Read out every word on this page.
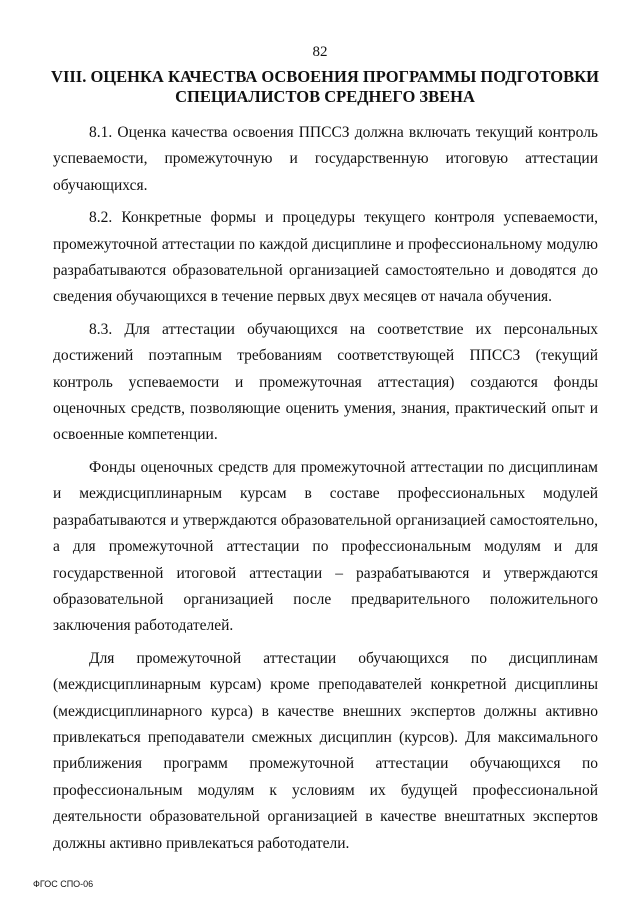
82
VIII. ОЦЕНКА КАЧЕСТВА ОСВОЕНИЯ ПРОГРАММЫ ПОДГОТОВКИ
СПЕЦИАЛИСТОВ СРЕДНЕГО ЗВЕНА

8.1. Оценка качества освоения ППССЗ должна включать текущий контроль успеваемости, промежуточную и государственную итоговую аттестации обучающихся.

8.2. Конкретные формы и процедуры текущего контроля успеваемости, промежуточной аттестации по каждой дисциплине и профессиональному модулю разрабатываются образовательной организацией самостоятельно и доводятся до сведения обучающихся в течение первых двух месяцев от начала обучения.

8.3. Для аттестации обучающихся на соответствие их персональных достижений поэтапным требованиям соответствующей ППССЗ (текущий контроль успеваемости и промежуточная аттестация) создаются фонды оценочных средств, позволяющие оценить умения, знания, практический опыт и освоенные компетенции.

Фонды оценочных средств для промежуточной аттестации по дисциплинам и междисциплинарным курсам в составе профессиональных модулей разрабатываются и утверждаются образовательной организацией самостоятельно, а для промежуточной аттестации по профессиональным модулям и для государственной итоговой аттестации – разрабатываются и утверждаются образовательной организацией после предварительного положительного заключения работодателей.

Для промежуточной аттестации обучающихся по дисциплинам (междисциплинарным курсам) кроме преподавателей конкретной дисциплины (междисциплинарного курса) в качестве внешних экспертов должны активно привлекаться преподаватели смежных дисциплин (курсов). Для максимального приближения программ промежуточной аттестации обучающихся по профессиональным модулям к условиям их будущей профессиональной деятельности образовательной организацией в качестве внештатных экспертов должны активно привлекаться работодатели.

ФГОС СПО-06
